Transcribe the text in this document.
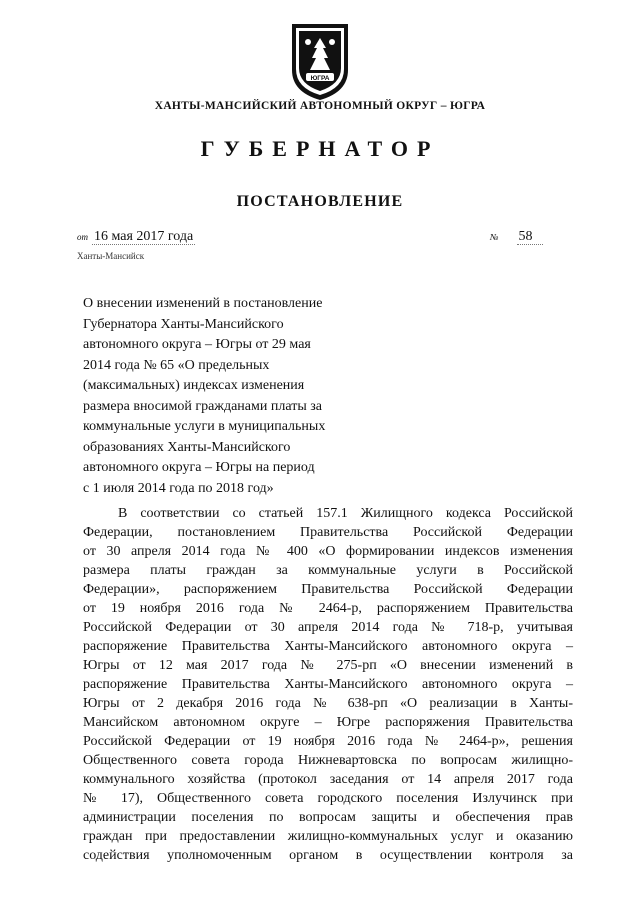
ЮГРА
ХАНТЫ-МАНСИЙСКИЙ АВТОНОМНЫЙ ОКРУГ – ЮГРА
ГУБЕРНАТОР
ПОСТАНОВЛЕНИЕ
от 16 мая 2017 года	№ 58
Ханты-Мансийск
О внесении изменений в постановление
Губернатора Ханты-Мансийского
автономного округа – Югры от 29 мая
2014 года № 65 «О предельных
(максимальных) индексах изменения
размера вносимой гражданами платы за
коммунальные услуги в муниципальных
образованиях Ханты-Мансийского
автономного округа – Югры на период
с 1 июля 2014 года по 2018 год»
В соответствии со статьей 157.1 Жилищного кодекса Российской
Федерации, постановлением Правительства Российской Федерации
от 30 апреля 2014 года № 400 «О формировании индексов изменения
размера платы граждан за коммунальные услуги в Российской
Федерации», распоряжением Правительства Российской Федерации
от 19 ноября 2016 года № 2464-р, распоряжением Правительства
Российской Федерации от 30 апреля 2014 года № 718-р, учитывая
распоряжение Правительства Ханты-Мансийского автономного округа –
Югры от 12 мая 2017 года № 275-рп «О внесении изменений в
распоряжение Правительства Ханты-Мансийского автономного округа –
Югры от 2 декабря 2016 года № 638-рп «О реализации в Ханты-
Мансийском автономном округе – Югре распоряжения Правительства
Российской Федерации от 19 ноября 2016 года № 2464-р», решения
Общественного совета города Нижневартовска по вопросам жилищно-
коммунального хозяйства (протокол заседания от 14 апреля 2017 года
№ 17), Общественного совета городского поселения Излучинск при
администрации поселения по вопросам защиты и обеспечения прав
граждан при предоставлении жилищно-коммунальных услуг и оказанию
содействия уполномоченным органом в осуществлении контроля за
